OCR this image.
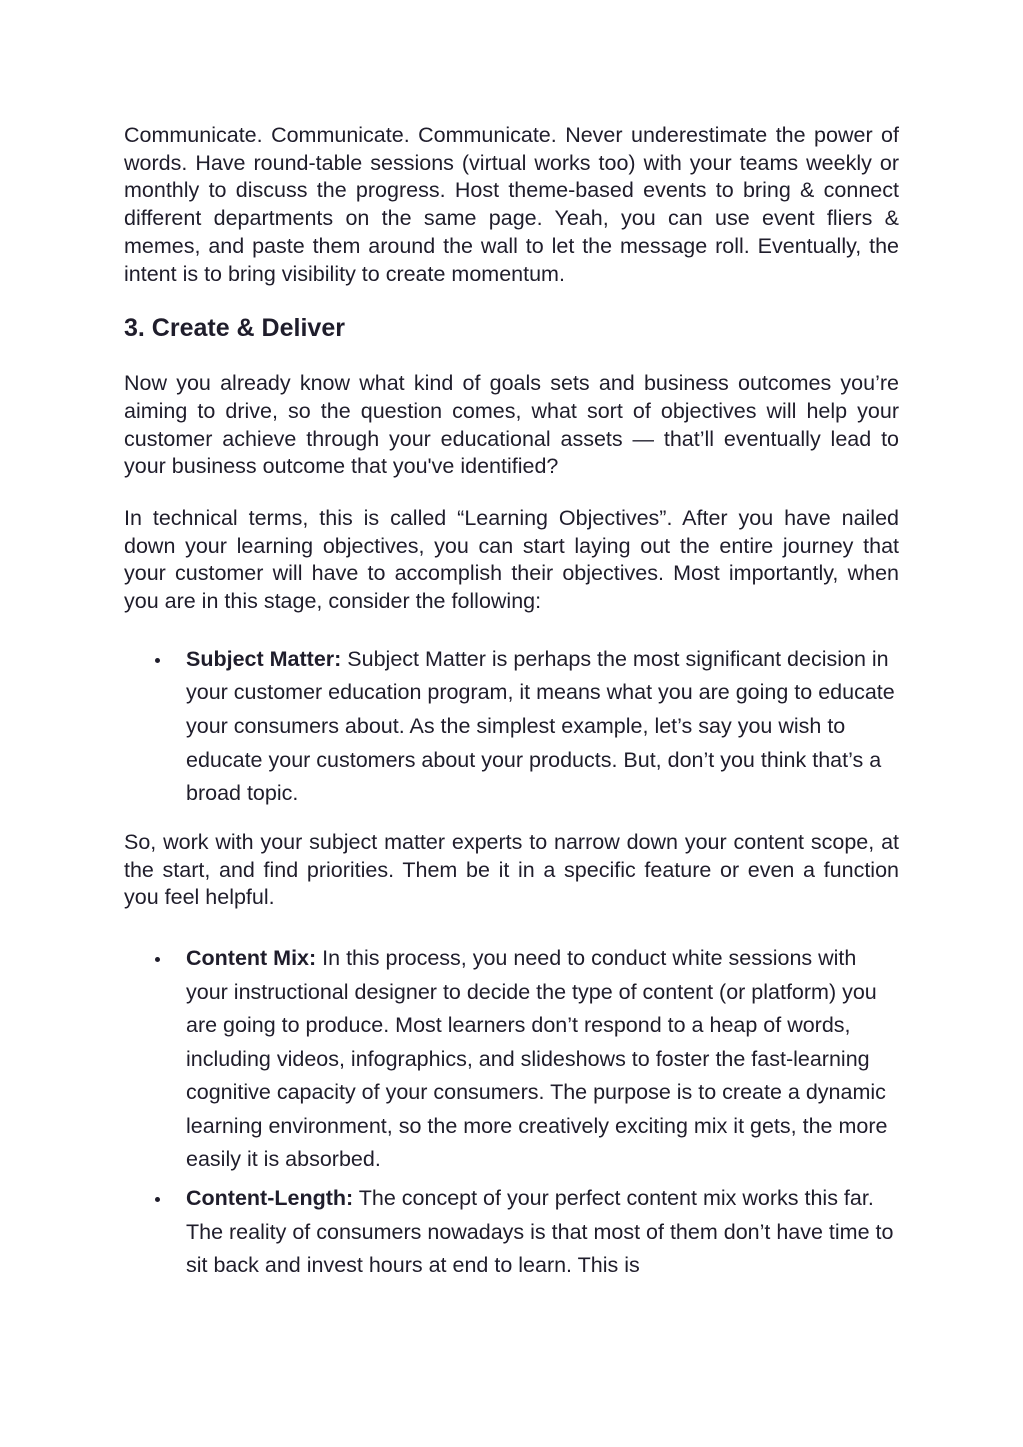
Communicate. Communicate. Communicate. Never underestimate the power of words. Have round-table sessions (virtual works too) with your teams weekly or monthly to discuss the progress. Host theme-based events to bring & connect different departments on the same page. Yeah, you can use event fliers & memes, and paste them around the wall to let the message roll. Eventually, the intent is to bring visibility to create momentum.

3. Create & Deliver

Now you already know what kind of goals sets and business outcomes you’re aiming to drive, so the question comes, what sort of objectives will help your customer achieve through your educational assets — that’ll eventually lead to your business outcome that you've identified?

In technical terms, this is called “Learning Objectives”. After you have nailed down your learning objectives, you can start laying out the entire journey that your customer will have to accomplish their objectives. Most importantly, when you are in this stage, consider the following:

Subject Matter: Subject Matter is perhaps the most significant decision in your customer education program, it means what you are going to educate your consumers about. As the simplest example, let’s say you wish to educate your customers about your products. But, don’t you think that’s a broad topic.

So, work with your subject matter experts to narrow down your content scope, at the start, and find priorities. Them be it in a specific feature or even a function you feel helpful.

Content Mix: In this process, you need to conduct white sessions with your instructional designer to decide the type of content (or platform) you are going to produce. Most learners don’t respond to a heap of words, including videos, infographics, and slideshows to foster the fast-learning cognitive capacity of your consumers. The purpose is to create a dynamic learning environment, so the more creatively exciting mix it gets, the more easily it is absorbed.
Content-Length: The concept of your perfect content mix works this far. The reality of consumers nowadays is that most of them don’t have time to sit back and invest hours at end to learn. This is
